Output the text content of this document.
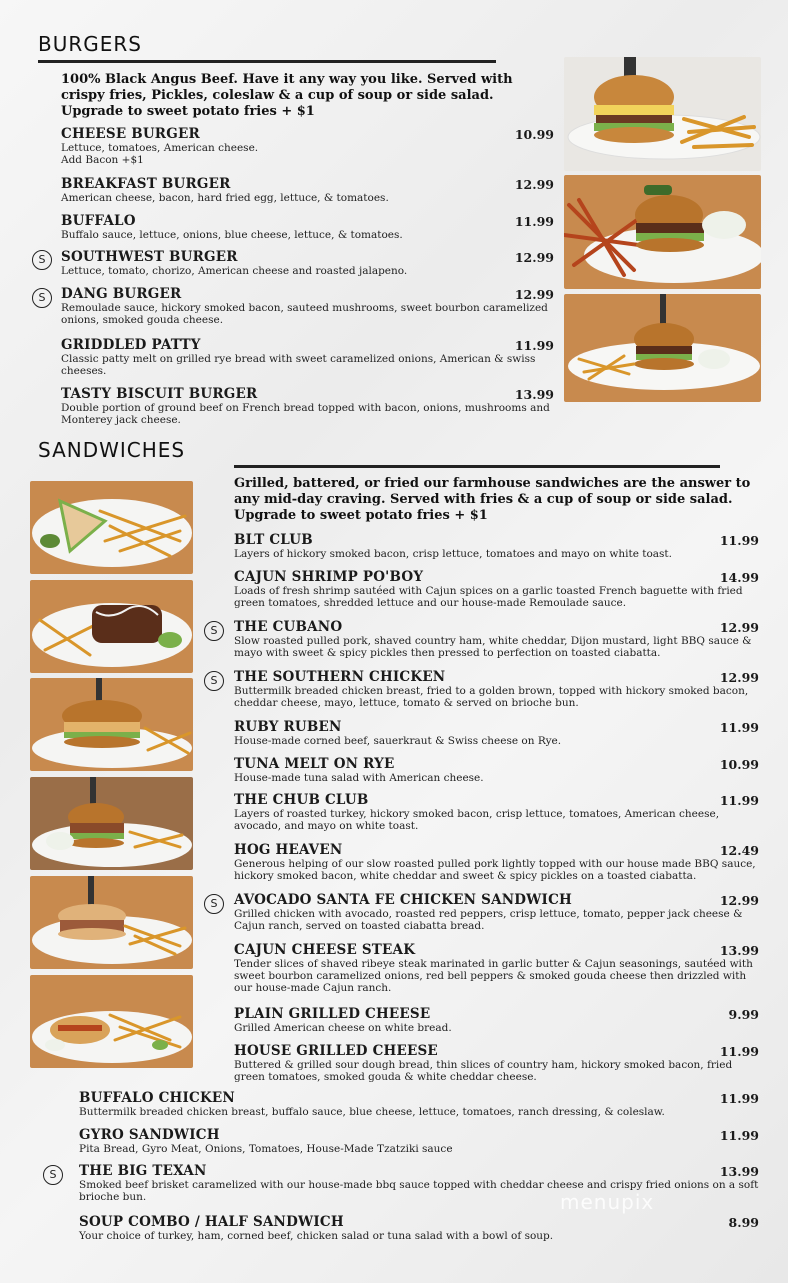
BURGERS

100% Black Angus Beef. Have it any way you like. Served with crispy fries, Pickles, coleslaw & a cup of soup or side salad. Upgrade to sweet potato fries + $1

CHEESE BURGER	10.99
Lettuce, tomatoes, American cheese.
Add Bacon +$1
BREAKFAST BURGER	12.99
American cheese, bacon, hard fried egg, lettuce, & tomatoes.
BUFFALO	11.99
Buffalo sauce, lettuce, onions, blue cheese, lettuce, & tomatoes.
S	SOUTHWEST BURGER	12.99
Lettuce, tomato, chorizo, American cheese and roasted jalapeno.
S	DANG BURGER	12.99
Remoulade sauce, hickory smoked bacon, sauteed mushrooms, sweet bourbon caramelized onions, smoked gouda cheese.
GRIDDLED PATTY	11.99
Classic patty melt on grilled rye bread with sweet caramelized onions, American & swiss cheeses.
TASTY BISCUIT BURGER	13.99
Double portion of ground beef on French bread topped with bacon, onions, mushrooms and Monterey jack cheese.
SANDWICHES

Grilled, battered, or fried our farmhouse sandwiches are the answer to any mid-day craving. Served with fries & a cup of soup or side salad. Upgrade to sweet potato fries + $1

BLT CLUB	11.99
Layers of hickory smoked bacon, crisp lettuce, tomatoes and mayo on white toast.
CAJUN SHRIMP PO'BOY	14.99
Loads of fresh shrimp sautéed with Cajun spices on a garlic toasted French baguette with fried green tomatoes, shredded lettuce and our house-made Remoulade sauce.
S	THE CUBANO	12.99
Slow roasted pulled pork, shaved country ham, white cheddar, Dijon mustard, light BBQ sauce & mayo with sweet & spicy pickles then pressed to perfection on toasted ciabatta.
S	THE SOUTHERN CHICKEN	12.99
Buttermilk breaded chicken breast, fried to a golden brown, topped with hickory smoked bacon, cheddar cheese, mayo, lettuce, tomato & served on brioche bun.
RUBY RUBEN	11.99
House-made corned beef, sauerkraut & Swiss cheese on Rye.
TUNA MELT ON RYE	10.99
House-made tuna salad with American cheese.
THE CHUB CLUB	11.99
Layers of roasted turkey, hickory smoked bacon, crisp lettuce, tomatoes, American cheese, avocado, and mayo on white toast.
HOG HEAVEN	12.49
Generous helping of our slow roasted pulled pork lightly topped with our house made BBQ sauce, hickory smoked bacon, white cheddar and sweet & spicy pickles on a toasted ciabatta.
S	AVOCADO SANTA FE CHICKEN SANDWICH	12.99
Grilled chicken with avocado, roasted red peppers, crisp lettuce, tomato, pepper jack cheese & Cajun ranch, served on toasted ciabatta bread.
CAJUN CHEESE STEAK	13.99
Tender slices of shaved ribeye steak marinated in garlic butter & Cajun seasonings, sautéed with sweet bourbon caramelized onions, red bell peppers & smoked gouda cheese then drizzled with our house-made Cajun ranch.
PLAIN GRILLED CHEESE	9.99
Grilled American cheese on white bread.
HOUSE GRILLED CHEESE	11.99
Buttered & grilled sour dough bread, thin slices of country ham, hickory smoked bacon, fried green tomatoes, smoked gouda & white cheddar cheese.
BUFFALO CHICKEN	11.99
Buttermilk breaded chicken breast, buffalo sauce, blue cheese, lettuce, tomatoes, ranch dressing, & coleslaw.
GYRO SANDWICH	11.99
Pita Bread, Gyro Meat, Onions, Tomatoes, House-Made Tzatziki sauce
S	THE BIG TEXAN	13.99
Smoked beef brisket caramelized with our house-made bbq sauce topped with cheddar cheese and crispy fried onions on a soft brioche bun.
SOUP COMBO / HALF SANDWICH	8.99
Your choice of turkey, ham, corned beef, chicken salad or tuna salad with a bowl of soup.
menupix
